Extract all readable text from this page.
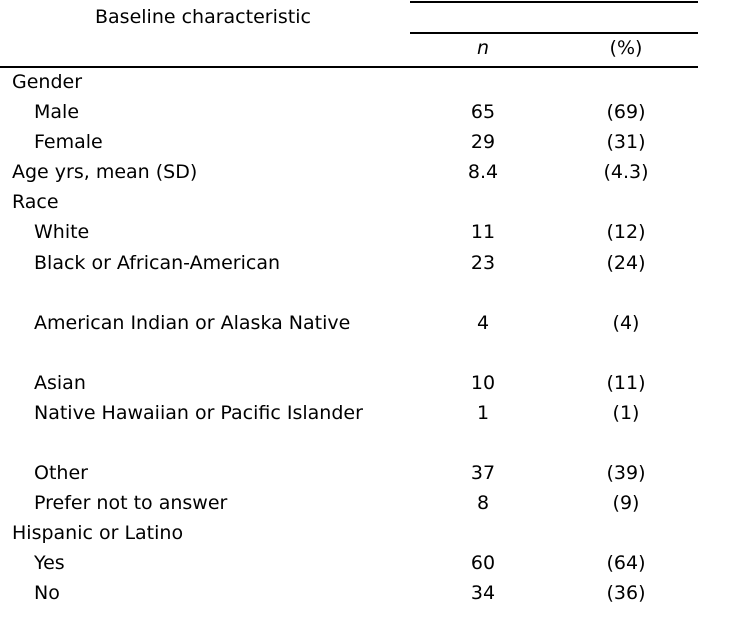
Baseline characteristic
n	(%)
Gender
Male	65	(69)
Female	29	(31)
Age yrs, mean (SD)	8.4	(4.3)
Race
White	11	(12)
Black or African-American	23	(24)
American Indian or Alaska Native	4	(4)
Asian	10	(11)
Native Hawaiian or Pacific Islander	1	(1)
Other	37	(39)
Prefer not to answer	8	(9)
Hispanic or Latino
Yes	60	(64)
No	34	(36)
